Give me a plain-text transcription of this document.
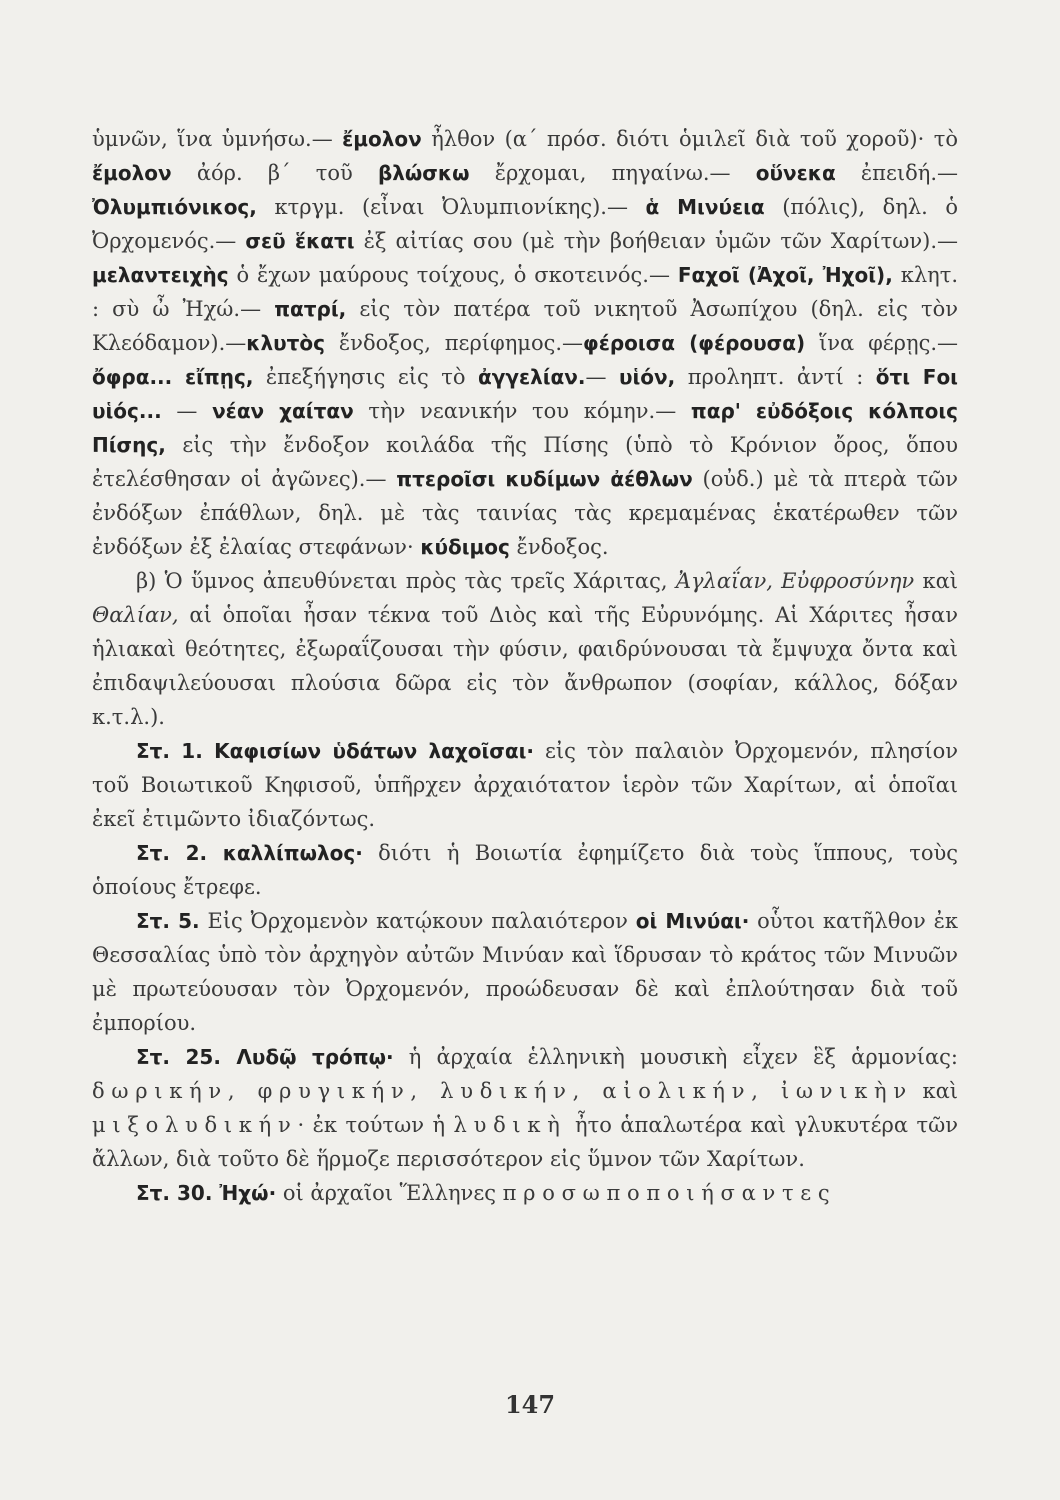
ὑμνῶν, ἵνα ὑμνήσω.— ἔμολον ἦλθον (α΄ πρόσ. διότι ὁμιλεῖ διὰ τοῦ χοροῦ)· τὸ ἔμολον ἀόρ. β΄ τοῦ βλώσκω ἔρχομαι, πηγαίνω.— οὕνεκα ἐπειδή.—Ὀλυμπιόνικος, κτργμ. (εἶναι Ὀλυμπιονίκης).— ἁ Μινύεια (πόλις), δηλ. ὁ Ὀρχομενός.— σεῦ ἕκατι ἐξ αἰτίας σου (μὲ τὴν βοήθειαν ὑμῶν τῶν Χαρίτων).—μελαντειχὴς ὁ ἔχων μαύρους τοίχους, ὁ σκοτεινός.— Ϝαχοῖ (Ἀχοῖ, Ἠχοῖ), κλητ. : σὺ ὦ Ἠχώ.— πατρί, εἰς τὸν πατέρα τοῦ νικητοῦ Ἀσωπίχου (δηλ. εἰς τὸν Κλεόδαμον).—κλυτὸς ἔνδοξος, περίφημος.—φέροισα (φέρουσα) ἵνα φέρῃς.— ὄφρα... εἴπῃς, ἐπεξήγησις εἰς τὸ ἀγγελίαν.— υἱόν, προληπτ. ἀντί : ὅτι Ϝοι υἱός... — νέαν χαίταν τὴν νεανικήν του κόμην.— παρ' εὐδόξοις κόλποις Πίσης, εἰς τὴν ἔνδοξον κοιλάδα τῆς Πίσης (ὑπὸ τὸ Κρόνιον ὄρος, ὅπου ἐτελέσθησαν οἱ ἀγῶνες).— πτεροῖσι κυδίμων ἀέθλων (οὐδ.) μὲ τὰ πτερὰ τῶν ἐνδόξων ἐπάθλων, δηλ. μὲ τὰς ταινίας τὰς κρεμαμένας ἑκατέρωθεν τῶν ἐνδόξων ἐξ ἐλαίας στεφάνων· κύδιμος ἔνδοξος.

β) Ὁ ὕμνος ἀπευθύνεται πρὸς τὰς τρεῖς Χάριτας, Ἀγλαΐαν, Εὐφροσύνην καὶ Θαλίαν, αἱ ὁποῖαι ἦσαν τέκνα τοῦ Διὸς καὶ τῆς Εὐρυνόμης. Αἱ Χάριτες ἦσαν ἡλιακαὶ θεότητες, ἐξωραΐζουσαι τὴν φύσιν, φαιδρύνουσαι τὰ ἔμψυχα ὄντα καὶ ἐπιδαψιλεύουσαι πλούσια δῶρα εἰς τὸν ἄνθρωπον (σοφίαν, κάλλος, δόξαν κ.τ.λ.).

Στ. 1. Καφισίων ὑδάτων λαχοῖσαι· εἰς τὸν παλαιὸν Ὀρχομενόν, πλησίον τοῦ Βοιωτικοῦ Κηφισοῦ, ὑπῆρχεν ἀρχαιότατον ἱερὸν τῶν Χαρίτων, αἱ ὁποῖαι ἐκεῖ ἐτιμῶντο ἰδιαζόντως.

Στ. 2. καλλίπωλος· διότι ἡ Βοιωτία ἐφημίζετο διὰ τοὺς ἵππους, τοὺς ὁποίους ἔτρεφε.

Στ. 5. Εἰς Ὀρχομενὸν κατῴκουν παλαιότερον οἱ Μινύαι· οὗτοι κατῆλθον ἐκ Θεσσαλίας ὑπὸ τὸν ἀρχηγὸν αὐτῶν Μινύαν καὶ ἵδρυσαν τὸ κράτος τῶν Μινυῶν μὲ πρωτεύουσαν τὸν Ὀρχομενόν, προώδευσαν δὲ καὶ ἐπλούτησαν διὰ τοῦ ἐμπορίου.

Στ. 25. Λυδῷ τρόπῳ· ἡ ἀρχαία ἑλληνικὴ μουσικὴ εἶχεν ἓξ ἁρμονίας: δωρικήν, φρυγικήν, λυδικήν, αἰολικήν, ἰωνικὴν καὶ μιξολυδικήν· ἐκ τούτων ἡ λυδικὴ ἦτο ἁπαλωτέρα καὶ γλυκυτέρα τῶν ἄλλων, διὰ τοῦτο δὲ ἥρμοζε περισσότερον εἰς ὕμνον τῶν Χαρίτων.

Στ. 30. Ἠχώ· οἱ ἀρχαῖοι Ἕλληνες προσωποποιήσαντες

147
